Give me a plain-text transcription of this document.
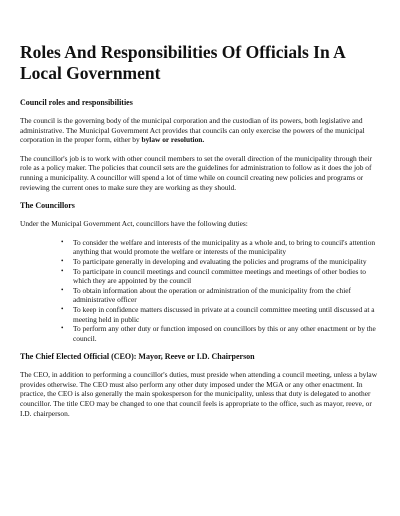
Roles And Responsibilities Of Officials In A Local Government
Council roles and responsibilities

The council is the governing body of the municipal corporation and the custodian of its powers, both legislative and administrative. The Municipal Government Act provides that councils can only exercise the powers of the municipal corporation in the proper form, either by bylaw or resolution.

The councillor's job is to work with other council members to set the overall direction of the municipality through their role as a policy maker. The policies that council sets are the guidelines for administration to follow as it does the job of running a municipality. A councillor will spend a lot of time while on council creating new policies and programs or reviewing the current ones to make sure they are working as they should.

The Councillors

Under the Municipal Government Act, councillors have the following duties:

• To consider the welfare and interests of the municipality as a whole and, to bring to council's attention anything that would promote the welfare or interests of the municipality
• To participate generally in developing and evaluating the policies and programs of the municipality
• To participate in council meetings and council committee meetings and meetings of other bodies to which they are appointed by the council
• To obtain information about the operation or administration of the municipality from the chief administrative officer
• To keep in confidence matters discussed in private at a council committee meeting until discussed at a meeting held in public
• To perform any other duty or function imposed on councillors by this or any other enactment or by the council.
The Chief Elected Official (CEO): Mayor, Reeve or I.D. Chairperson

The CEO, in addition to performing a councillor's duties, must preside when attending a council meeting, unless a bylaw provides otherwise. The CEO must also perform any other duty imposed under the MGA or any other enactment. In practice, the CEO is also generally the main spokesperson for the municipality, unless that duty is delegated to another councillor. The title CEO may be changed to one that council feels is appropriate to the office, such as mayor, reeve, or I.D. chairperson.
